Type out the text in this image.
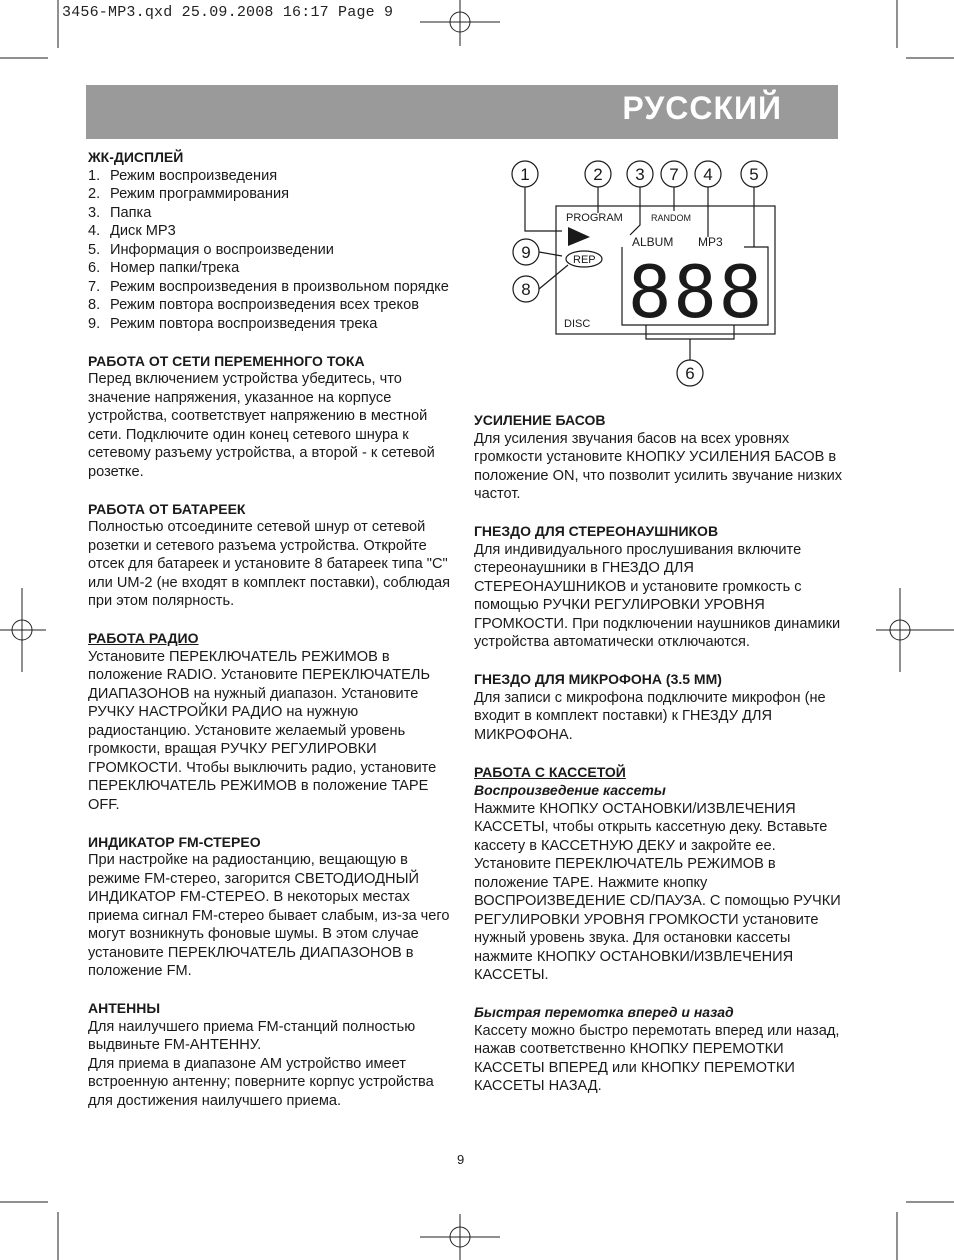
3456-MP3.qxd 25.09.2008 16:17 Page 9
РУССКИЙ
ЖК-ДИСПЛЕЙ
1. Режим воспроизведения
2. Режим программирования
3. Папка
4. Диск MP3
5. Информация о воспроизведении
6. Номер папки/трека
7. Режим воспроизведения в произвольном порядке
8. Режим повтора воспроизведения всех треков
9. Режим повтора воспроизведения трека
РАБОТА ОТ СЕТИ ПЕРЕМЕННОГО ТОКА
Перед включением устройства убедитесь, что значение напряжения, указанное на корпусе устройства, соответствует напряжению в местной сети. Подключите один конец сетевого шнура к сетевому разъему устройства, а второй - к сетевой розетке.
РАБОТА ОТ БАТАРЕЕК
Полностью отсоедините сетевой шнур от сетевой розетки и сетевого разъема устройства. Откройте отсек для батареек и установите 8 батареек типа "С" или UM-2 (не входят в комплект поставки), соблюдая при этом полярность.
РАБОТА РАДИО
Установите ПЕРЕКЛЮЧАТЕЛЬ РЕЖИМОВ в положение RADIO. Установите ПЕРЕКЛЮЧАТЕЛЬ ДИАПАЗОНОВ на нужный диапазон. Установите РУЧКУ НАСТРОЙКИ РАДИО на нужную радиостанцию. Установите желаемый уровень громкости, вращая РУЧКУ РЕГУЛИРОВКИ ГРОМКОСТИ. Чтобы выключить радио, установите ПЕРЕКЛЮЧАТЕЛЬ РЕЖИМОВ в положение TAPE OFF.
ИНДИКАТОР FM-СТЕРЕО
При настройке на радиостанцию, вещающую в режиме FM-стерео, загорится СВЕТОДИОДНЫЙ ИНДИКАТОР FM-СТЕРЕО. В некоторых местах приема сигнал FM-стерео бывает слабым, из-за чего могут возникнуть фоновые шумы. В этом случае установите ПЕРЕКЛЮЧАТЕЛЬ ДИАПАЗОНОВ в положение FM.
АНТЕННЫ
Для наилучшего приема FM-станций полностью выдвиньте FM-АНТЕННУ.
Для приема в диапазоне AM устройство имеет встроенную антенну; поверните корпус устройства для достижения наилучшего приема.
1	2 3 7 4 5
9
8
6
PROGRAM	RANDOM
ALBUM MP3
REP
DISC 888
УСИЛЕНИЕ БАСОВ
Для усиления звучания басов на всех уровнях громкости установите КНОПКУ УСИЛЕНИЯ БАСОВ в положение ON, что позволит усилить звучание низких частот.
ГНЕЗДО ДЛЯ СТЕРЕОНАУШНИКОВ
Для индивидуального прослушивания включите стереонаушники в ГНЕЗДО ДЛЯ СТЕРЕОНАУШНИКОВ и установите громкость с помощью РУЧКИ РЕГУЛИРОВКИ УРОВНЯ ГРОМКОСТИ. При подключении наушников динамики устройства автоматически отключаются.
ГНЕЗДО ДЛЯ МИКРОФОНА (3.5 ММ)
Для записи с микрофона подключите микрофон (не входит в комплект поставки) к ГНЕЗДУ ДЛЯ МИКРОФОНА.
РАБОТА С КАССЕТОЙ
Воспроизведение кассеты
Нажмите КНОПКУ ОСТАНОВКИ/ИЗВЛЕЧЕНИЯ КАССЕТЫ, чтобы открыть кассетную деку. Вставьте кассету в КАССЕТНУЮ ДЕКУ и закройте ее. Установите ПЕРЕКЛЮЧАТЕЛЬ РЕЖИМОВ в положение TAPE. Нажмите кнопку ВОСПРОИЗВЕДЕНИЕ CD/ПАУЗА. С помощью РУЧКИ РЕГУЛИРОВКИ УРОВНЯ ГРОМКОСТИ установите нужный уровень звука. Для остановки кассеты нажмите КНОПКУ ОСТАНОВКИ/ИЗВЛЕЧЕНИЯ КАССЕТЫ.
Быстрая перемотка вперед и назад
Кассету можно быстро перемотать вперед или назад, нажав соответственно КНОПКУ ПЕРЕМОТКИ КАССЕТЫ ВПЕРЕД или КНОПКУ ПЕРЕМОТКИ КАССЕТЫ НАЗАД.
9
